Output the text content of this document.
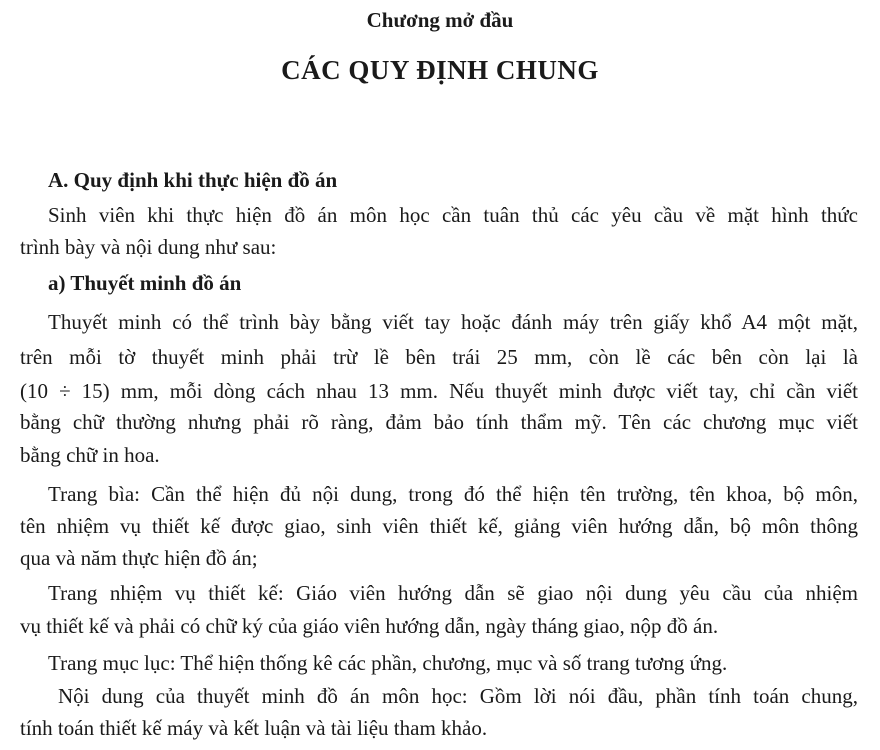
Chương mở đầu
CÁC QUY ĐỊNH CHUNG
A. Quy định khi thực hiện đồ án
Sinh viên khi thực hiện đồ án môn học cần tuân thủ các yêu cầu về mặt hình thức
trình bày và nội dung như sau:
a) Thuyết minh đồ án
Thuyết minh có thể trình bày bằng viết tay hoặc đánh máy trên giấy khổ A4 một mặt,
trên mỗi tờ thuyết minh phải trừ lề bên trái 25 mm, còn lề các bên còn lại là
(10 ÷ 15) mm, mỗi dòng cách nhau 13 mm. Nếu thuyết minh được viết tay, chỉ cần viết
bằng chữ thường nhưng phải rõ ràng, đảm bảo tính thẩm mỹ. Tên các chương mục viết
bằng chữ in hoa.
Trang bìa: Cần thể hiện đủ nội dung, trong đó thể hiện tên trường, tên khoa, bộ môn,
tên nhiệm vụ thiết kế được giao, sinh viên thiết kế, giảng viên hướng dẫn, bộ môn thông
qua và năm thực hiện đồ án;
Trang nhiệm vụ thiết kế: Giáo viên hướng dẫn sẽ giao nội dung yêu cầu của nhiệm
vụ thiết kế và phải có chữ ký của giáo viên hướng dẫn, ngày tháng giao, nộp đồ án.
Trang mục lục: Thể hiện thống kê các phần, chương, mục và số trang tương ứng.
Nội dung của thuyết minh đồ án môn học: Gồm lời nói đầu, phần tính toán chung,
tính toán thiết kế máy và kết luận và tài liệu tham khảo.
